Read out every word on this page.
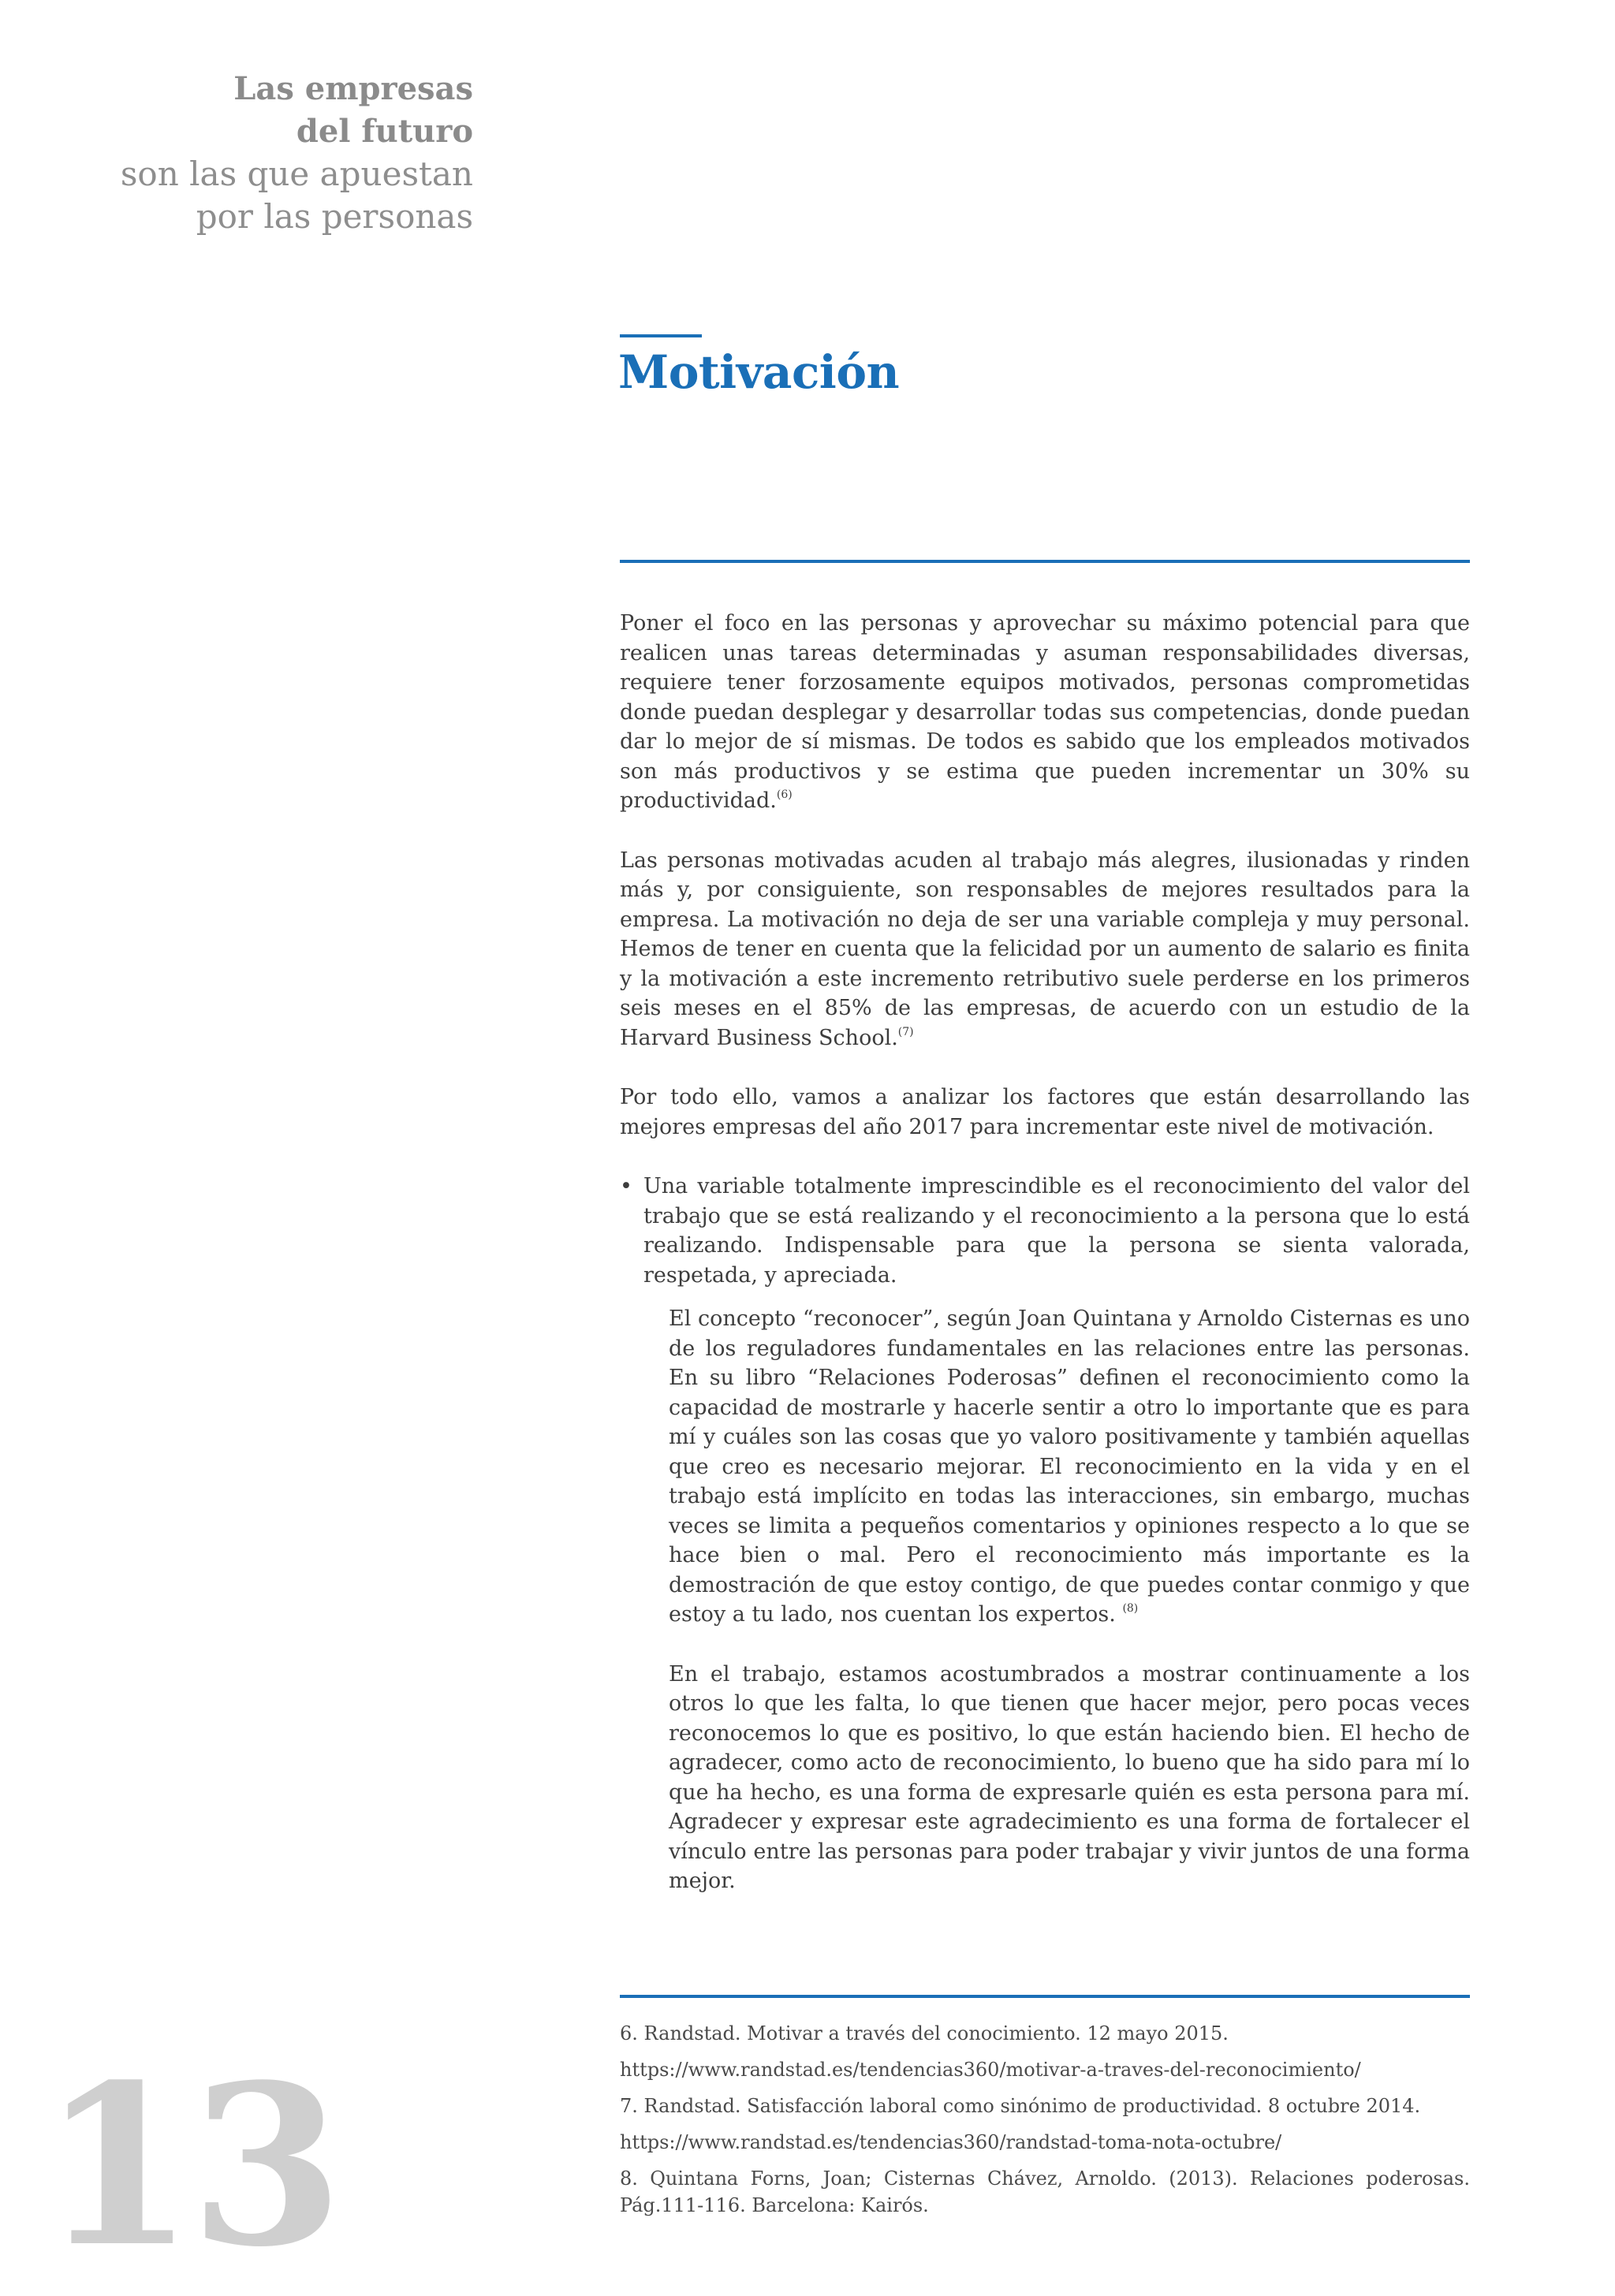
Las empresas
del futuro
son las que apuestan
por las personas
Motivación

Poner el foco en las personas y aprovechar su máximo potencial para que realicen unas tareas determinadas y asuman responsabilidades diversas, requiere tener forzosamente equipos motivados, personas comprometidas donde puedan desplegar y desarrollar todas sus competencias, donde puedan dar lo mejor de sí mismas. De todos es sabido que los empleados motivados son más productivos y se estima que pueden incrementar un 30% su productividad.$^{(6)}$

Las personas motivadas acuden al trabajo más alegres, ilusionadas y rinden más y, por consiguiente, son responsables de mejores resultados para la empresa. La motivación no deja de ser una variable compleja y muy personal. Hemos de tener en cuenta que la felicidad por un aumento de salario es finita y la motivación a este incremento retributivo suele perderse en los primeros seis meses en el 85% de las empresas, de acuerdo con un estudio de la Harvard Business School.$^{(7)}$

Por todo ello, vamos a analizar los factores que están desarrollando las mejores empresas del año 2017 para incrementar este nivel de motivación.

• Una variable totalmente imprescindible es el reconocimiento del valor del trabajo que se está realizando y el reconocimiento a la persona que lo está realizando. Indispensable para que la persona se sienta valorada, respetada, y apreciada.

El concepto “reconocer”, según Joan Quintana y Arnoldo Cisternas es uno de los reguladores fundamentales en las relaciones entre las personas. En su libro “Relaciones Poderosas” definen el reconocimiento como la capacidad de mostrarle y hacerle sentir a otro lo importante que es para mí y cuáles son las cosas que yo valoro positivamente y también aquellas que creo es necesario mejorar. El reconocimiento en la vida y en el trabajo está implícito en todas las interacciones, sin embargo, muchas veces se limita a pequeños comentarios y opiniones respecto a lo que se hace bien o mal. Pero el reconocimiento más importante es la demostración de que estoy contigo, de que puedes contar conmigo y que estoy a tu lado, nos cuentan los expertos. $^{(8)}$

En el trabajo, estamos acostumbrados a mostrar continuamente a los otros lo que les falta, lo que tienen que hacer mejor, pero pocas veces reconocemos lo que es positivo, lo que están haciendo bien. El hecho de agradecer, como acto de reconocimiento, lo bueno que ha sido para mí lo que ha hecho, es una forma de expresarle quién es esta persona para mí. Agradecer y expresar este agradecimiento es una forma de fortalecer el vínculo entre las personas para poder trabajar y vivir juntos de una forma mejor.

6. Randstad. Motivar a través del conocimiento. 12 mayo 2015.
https://www.randstad.es/tendencias360/motivar-a-traves-del-reconocimiento/
7. Randstad. Satisfacción laboral como sinónimo de productividad. 8 octubre 2014.
https://www.randstad.es/tendencias360/randstad-toma-nota-octubre/
8. Quintana Forns, Joan; Cisternas Chávez, Arnoldo. (2013). Relaciones poderosas. Pág.111-116. Barcelona: Kairós.
13
